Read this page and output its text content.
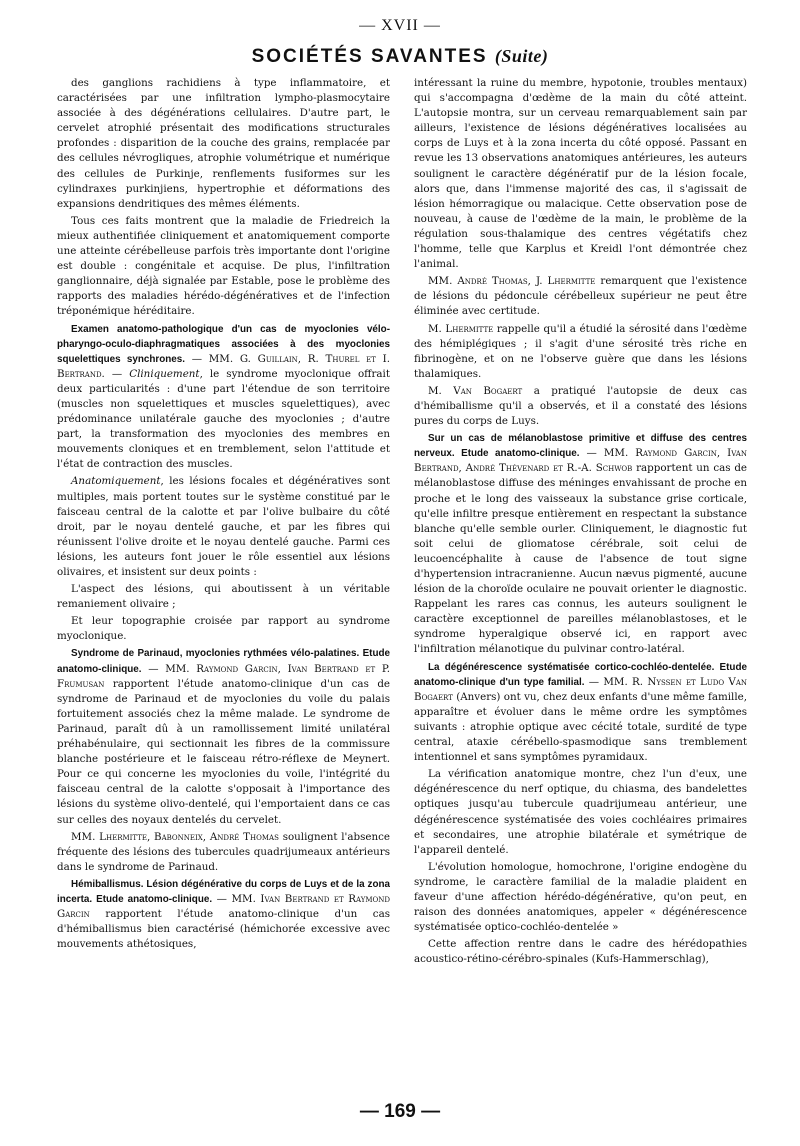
— XVII —
SOCIÉTÉS SAVANTES (Suite)

des ganglions rachidiens à type inflammatoire, et caractérisées par une infiltration lympho-plasmocytaire associée à des dégénérations cellulaires. D'autre part, le cervelet atrophié présentait des modifications structurales profondes : disparition de la couche des grains, remplacée par des cellules névrogliques, atrophie volumétrique et numérique des cellules de Purkinje, renflements fusiformes sur les cylindraxes purkinjiens, hypertrophie et déformations des expansions dendritiques des mêmes éléments.

Tous ces faits montrent que la maladie de Friedreich la mieux authentifiée cliniquement et anatomiquement comporte une atteinte cérébelleuse parfois très importante dont l'origine est double : congénitale et acquise. De plus, l'infiltration ganglionnaire, déjà signalée par Estable, pose le problème des rapports des maladies hérédo-dégénératives et de l'infection tréponémique héréditaire.

Examen anatomo-pathologique d'un cas de myoclonies vélo-pharyngo-oculo-diaphragmatiques associées à des myoclonies squelettiques synchrones. — MM. G. Guillain, R. Thurel et I. Bertrand. — Cliniquement, le syndrome myoclonique offrait deux particularités : d'une part l'étendue de son territoire (muscles non squelettiques et muscles squelettiques), avec prédominance unilatérale gauche des myoclonies ; d'autre part, la transformation des myoclonies des membres en mouvements cloniques et en tremblement, selon l'attitude et l'état de contraction des muscles.

Anatomiquement, les lésions focales et dégénératives sont multiples, mais portent toutes sur le système constitué par le faisceau central de la calotte et par l'olive bulbaire du côté droit, par le noyau dentelé gauche, et par les fibres qui réunissent l'olive droite et le noyau dentelé gauche. Parmi ces lésions, les auteurs font jouer le rôle essentiel aux lésions olivaires, et insistent sur deux points :

L'aspect des lésions, qui aboutissent à un véritable remaniement olivaire ;

Et leur topographie croisée par rapport au syndrome myoclonique.

Syndrome de Parinaud, myoclonies rythmées vélo-palatines. Etude anatomo-clinique. — MM. Raymond Garcin, Ivan Bertrand et P. Frumusan rapportent l'étude anatomo-clinique d'un cas de syndrome de Parinaud et de myoclonies du voile du palais fortuitement associés chez la même malade. Le syndrome de Parinaud, paraît dû à un ramollissement limité unilatéral préhabénulaire, qui sectionnait les fibres de la commissure blanche postérieure et le faisceau rétro-réflexe de Meynert. Pour ce qui concerne les myoclonies du voile, l'intégrité du faisceau central de la calotte s'opposait à l'importance des lésions du système olivo-dentelé, qui l'emportaient dans ce cas sur celles des noyaux dentelés du cervelet.

MM. Lhermitte, Babonneix, André Thomas soulignent l'absence fréquente des lésions des tubercules quadrijumeaux antérieurs dans le syndrome de Parinaud.

Hémiballismus. Lésion dégénérative du corps de Luys et de la zona incerta. Etude anatomo-clinique. — MM. Ivan Bertrand et Raymond Garcin rapportent l'étude anatomo-clinique d'un cas d'hémiballismus bien caractérisé (hémichorée excessive avec mouvements athétosiques,

intéressant la ruine du membre, hypotonie, troubles mentaux) qui s'accompagna d'œdème de la main du côté atteint. L'autopsie montra, sur un cerveau remarquablement sain par ailleurs, l'existence de lésions dégénératives localisées au corps de Luys et à la zona incerta du côté opposé. Passant en revue les 13 observations anatomiques antérieures, les auteurs soulignent le caractère dégénératif pur de la lésion focale, alors que, dans l'immense majorité des cas, il s'agissait de lésion hémorragique ou malacique. Cette observation pose de nouveau, à cause de l'œdème de la main, le problème de la régulation sous-thalamique des centres végétatifs chez l'homme, telle que Karplus et Kreidl l'ont démontrée chez l'animal.

MM. André Thomas, J. Lhermitte remarquent que l'existence de lésions du pédoncule cérébelleux supérieur ne peut être éliminée avec certitude.

M. Lhermitte rappelle qu'il a étudié la sérosité dans l'œdème des hémiplégiques ; il s'agit d'une sérosité très riche en fibrinogène, et on ne l'observe guère que dans les lésions thalamiques.

M. Van Bogaert a pratiqué l'autopsie de deux cas d'hémiballisme qu'il a observés, et il a constaté des lésions pures du corps de Luys.

Sur un cas de mélanoblastose primitive et diffuse des centres nerveux. Etude anatomo-clinique. — MM. Raymond Garcin, Ivan Bertrand, André Thévenard et R.-A. Schwob rapportent un cas de mélanoblastose diffuse des méninges envahissant de proche en proche et le long des vaisseaux la substance grise corticale, qu'elle infiltre presque entièrement en respectant la substance blanche qu'elle semble ourler. Cliniquement, le diagnostic fut soit celui de gliomatose cérébrale, soit celui de leucoencéphalite à cause de l'absence de tout signe d'hypertension intracranienne. Aucun nævus pigmenté, aucune lésion de la choroïde oculaire ne pouvait orienter le diagnostic. Rappelant les rares cas connus, les auteurs soulignent le caractère exceptionnel de pareilles mélanoblastoses, et le syndrome hyperalgique observé ici, en rapport avec l'infiltration mélanotique du pulvinar contro-latéral.

La dégénérescence systématisée cortico-cochléo-dentelée. Etude anatomo-clinique d'un type familial. — MM. R. Nyssen et Ludo Van Bogaert (Anvers) ont vu, chez deux enfants d'une même famille, apparaître et évoluer dans le même ordre les symptômes suivants : atrophie optique avec cécité totale, surdité de type central, ataxie cérébello-spasmodique sans tremblement intentionnel et sans symptômes pyramidaux.

La vérification anatomique montre, chez l'un d'eux, une dégénérescence du nerf optique, du chiasma, des bandelettes optiques jusqu'au tubercule quadrijumeau antérieur, une dégénérescence systématisée des voies cochléaires primaires et secondaires, une atrophie bilatérale et symétrique de l'appareil dentelé.

L'évolution homologue, homochrone, l'origine endogène du syndrome, le caractère familial de la maladie plaident en faveur d'une affection hérédo-dégénérative, qu'on peut, en raison des données anatomiques, appeler « dégénérescence systématisée optico-cochléo-dentelée »

Cette affection rentre dans le cadre des hérédopathies acoustico-rétino-cérébro-spinales (Kufs-Hammerschlag),

— 169 —
